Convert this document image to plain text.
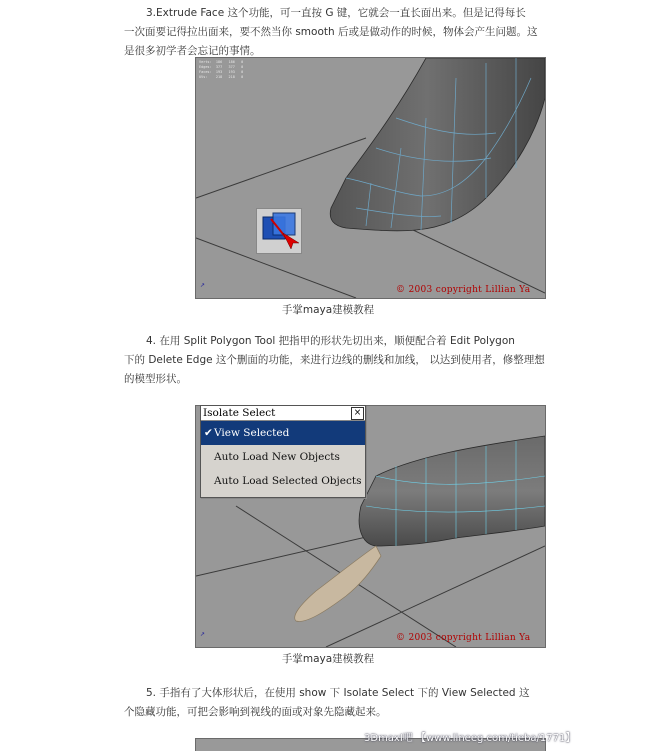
3.Extrude Face 这个功能，可一直按 G 键，它就会一直长面出来。但是记得每长
一次面要记得拉出面来，要不然当你 smooth 后或是做动作的时候，物体会产生问题。这
是很多初学者会忘记的事情。

Verts:  186   186   0
Edges:  377   377   0
Faces:  193   193   0
UVs:    218   218   0
↗	© 2003 copyright Lillian Ya
手掌maya建模教程

4. 在用 Split Polygon Tool 把指甲的形状先切出来，顺便配合着 Edit Polygon
下的 Delete Edge 这个删面的功能，来进行边线的删线和加线， 以达到使用者，修整理想
的模型形状。

↗	© 2003 copyright Lillian Ya
Isolate Select	×
✔ View Selected
Auto Load New Objects
Auto Load Selected Objects
手掌maya建模教程

5. 手指有了大体形状后，在使用 show 下 Isolate Select 下的 View Selected 这
个隐藏功能，可把会影响到视线的面或对象先隐藏起来。

3DmaxI吧 【www.lineeg.com/tieba/1771】
